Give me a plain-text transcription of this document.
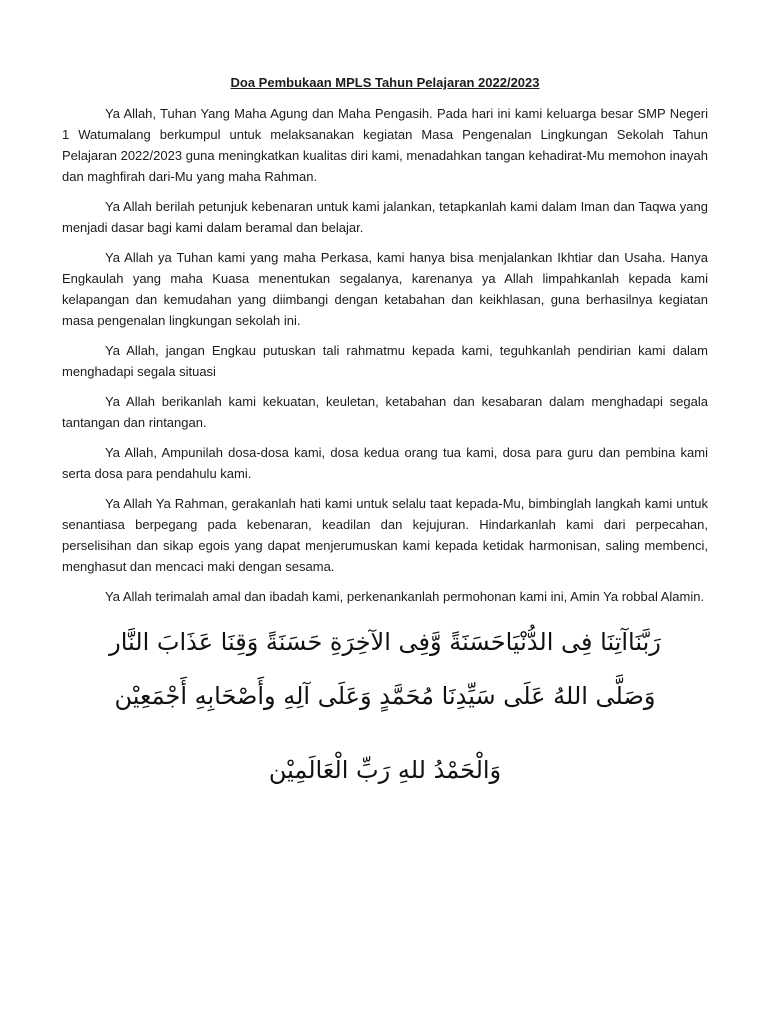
Doa Pembukaan MPLS Tahun Pelajaran 2022/2023

Ya Allah, Tuhan Yang Maha Agung dan Maha Pengasih. Pada hari ini kami keluarga besar SMP Negeri 1 Watumalang berkumpul untuk melaksanakan kegiatan Masa Pengenalan Lingkungan Sekolah Tahun Pelajaran 2022/2023 guna meningkatkan kualitas diri kami, menadahkan tangan kehadirat-Mu memohon inayah dan maghfirah dari-Mu yang maha Rahman.

Ya Allah berilah petunjuk kebenaran untuk kami jalankan, tetapkanlah kami dalam Iman dan Taqwa yang menjadi dasar bagi kami dalam beramal dan belajar.

Ya Allah ya Tuhan kami yang maha Perkasa, kami hanya bisa menjalankan Ikhtiar dan Usaha. Hanya Engkaulah yang maha Kuasa menentukan segalanya, karenanya ya Allah limpahkanlah kepada kami kelapangan dan kemudahan yang diimbangi dengan ketabahan dan keikhlasan, guna berhasilnya kegiatan masa pengenalan lingkungan sekolah ini.

Ya Allah, jangan Engkau putuskan tali rahmatmu kepada kami, teguhkanlah pendirian kami dalam menghadapi segala situasi

Ya Allah berikanlah kami kekuatan, keuletan, ketabahan dan kesabaran dalam menghadapi segala tantangan dan rintangan.

Ya Allah, Ampunilah dosa-dosa kami, dosa kedua orang tua kami, dosa para guru dan pembina kami serta dosa para pendahulu kami.

Ya Allah Ya Rahman, gerakanlah hati kami untuk selalu taat kepada-Mu, bimbinglah langkah kami untuk senantiasa berpegang pada kebenaran, keadilan dan kejujuran. Hindarkanlah kami dari perpecahan, perselisihan dan sikap egois yang dapat menjerumuskan kami kepada ketidak harmonisan, saling membenci, menghasut dan mencaci maki dengan sesama.

Ya Allah terimalah amal dan ibadah kami, perkenankanlah permohonan kami ini, Amin Ya robbal Alamin.

رَبَّنَاآتِنَا فِى الدُّنْيَاحَسَنَةً وَّفِى الآخِرَةِ حَسَنَةً وَقِنَا عَذَابَ النَّار
وَصَلَّى اللهُ عَلَى سَيِّدِنَا مُحَمَّدٍ وَعَلَى آلِهِ وأَصْحَابِهِ أَجْمَعِيْن
وَالْحَمْدُ للهِ رَبِّ الْعَالَمِيْن
